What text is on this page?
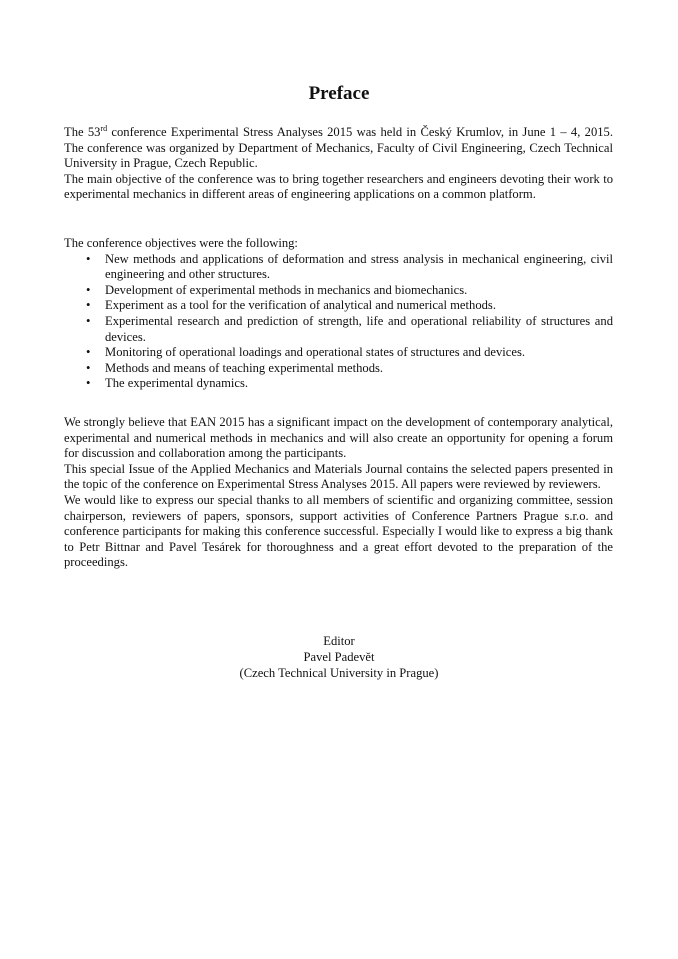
Preface

The 53rd conference Experimental Stress Analyses 2015 was held in Český Krumlov, in June 1 – 4, 2015. The conference was organized by Department of Mechanics, Faculty of Civil Engineering, Czech Technical University in Prague, Czech Republic.

The main objective of the conference was to bring together researchers and engineers devoting their work to experimental mechanics in different areas of engineering applications on a common platform.

The conference objectives were the following:

• New methods and applications of deformation and stress analysis in mechanical engineering, civil engineering and other structures.
• Development of experimental methods in mechanics and biomechanics.
• Experiment as a tool for the verification of analytical and numerical methods.
• Experimental research and prediction of strength, life and operational reliability of structures and devices.
• Monitoring of operational loadings and operational states of structures and devices.
• Methods and means of teaching experimental methods.
• The experimental dynamics.

We strongly believe that EAN 2015 has a significant impact on the development of contemporary analytical, experimental and numerical methods in mechanics and will also create an opportunity for opening a forum for discussion and collaboration among the participants.

This special Issue of the Applied Mechanics and Materials Journal contains the selected papers presented in the topic of the conference on Experimental Stress Analyses 2015. All papers were reviewed by reviewers.

We would like to express our special thanks to all members of scientific and organizing committee, session chairperson, reviewers of papers, sponsors, support activities of Conference Partners Prague s.r.o. and conference participants for making this conference successful. Especially I would like to express a big thank to Petr Bittnar and Pavel Tesárek for thoroughness and a great effort devoted to the preparation of the proceedings.

Editor
Pavel Padevět
(Czech Technical University in Prague)
